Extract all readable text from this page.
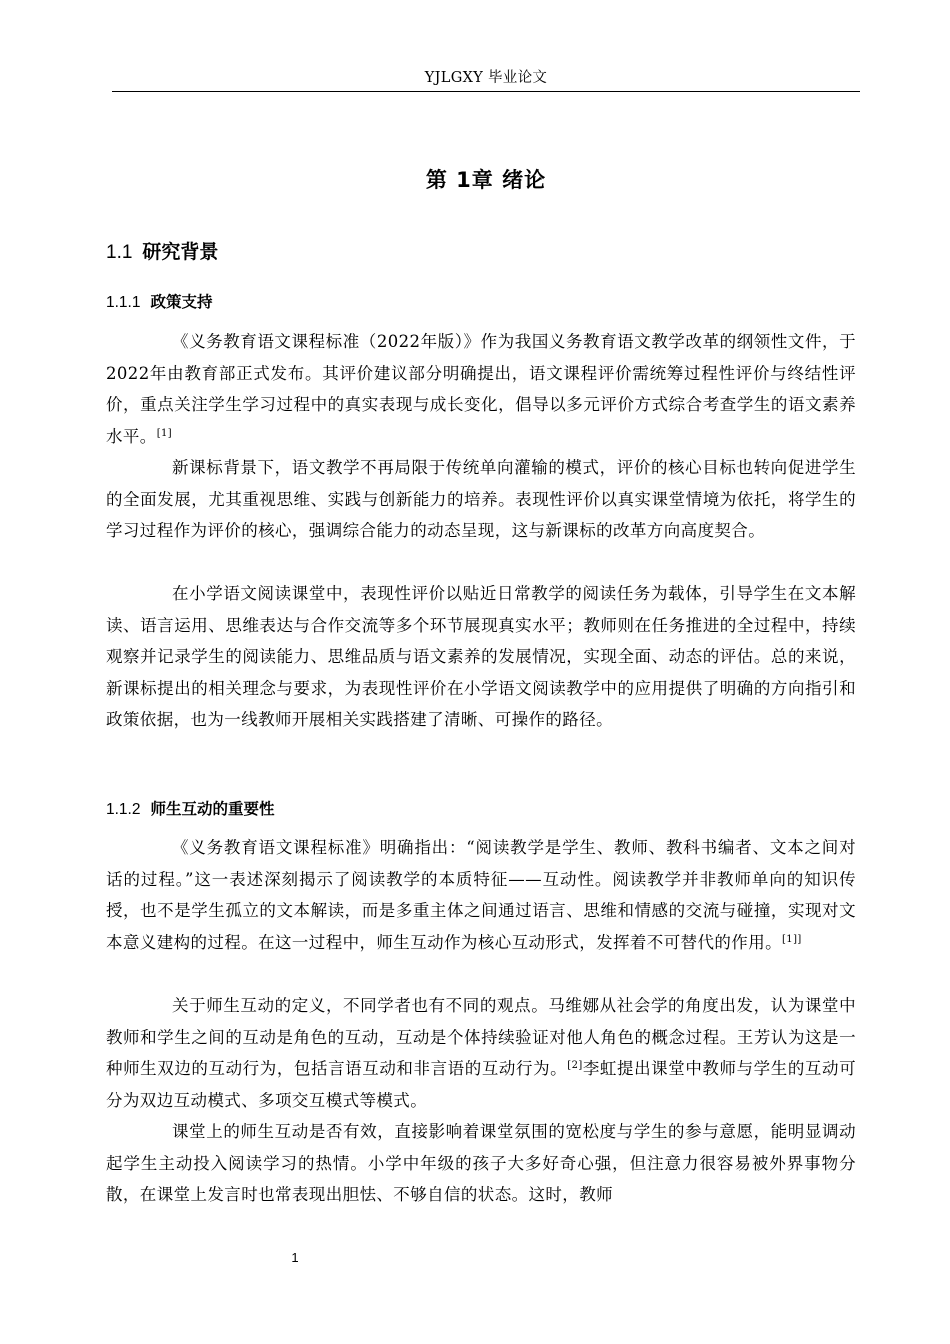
YJLGXY 毕业论文
第 1章 绪论
1.1 研究背景
1.1.1 政策支持
《义务教育语文课程标准（2022年版）》作为我国义务教育语文教学改革的纲领性文件，于2022年由教育部正式发布。其评价建议部分明确提出，语文课程评价需统筹过程性评价与终结性评价，重点关注学生学习过程中的真实表现与成长变化，倡导以多元评价方式综合考查学生的语文素养水平。[1]
新课标背景下，语文教学不再局限于传统单向灌输的模式，评价的核心目标也转向促进学生的全面发展，尤其重视思维、实践与创新能力的培养。表现性评价以真实课堂情境为依托，将学生的学习过程作为评价的核心，强调综合能力的动态呈现，这与新课标的改革方向高度契合。
在小学语文阅读课堂中，表现性评价以贴近日常教学的阅读任务为载体，引导学生在文本解读、语言运用、思维表达与合作交流等多个环节展现真实水平；教师则在任务推进的全过程中，持续观察并记录学生的阅读能力、思维品质与语文素养的发展情况，实现全面、动态的评估。总的来说，新课标提出的相关理念与要求，为表现性评价在小学语文阅读教学中的应用提供了明确的方向指引和政策依据，也为一线教师开展相关实践搭建了清晰、可操作的路径。
1.1.2 师生互动的重要性
《义务教育语文课程标准》明确指出：“阅读教学是学生、教师、教科书编者、文本之间对话的过程。”这一表述深刻揭示了阅读教学的本质特征——互动性。阅读教学并非教师单向的知识传授，也不是学生孤立的文本解读，而是多重主体之间通过语言、思维和情感的交流与碰撞，实现对文本意义建构的过程。在这一过程中，师生互动作为核心互动形式，发挥着不可替代的作用。[1]]
关于师生互动的定义，不同学者也有不同的观点。马维娜从社会学的角度出发，认为课堂中教师和学生之间的互动是角色的互动，互动是个体持续验证对他人角色的概念过程。王芳认为这是一种师生双边的互动行为，包括言语互动和非言语的互动行为。[2]李虹提出课堂中教师与学生的互动可分为双边互动模式、多项交互模式等模式。
课堂上的师生互动是否有效，直接影响着课堂氛围的宽松度与学生的参与意愿，能明显调动起学生主动投入阅读学习的热情。小学中年级的孩子大多好奇心强，但注意力很容易被外界事物分散，在课堂上发言时也常表现出胆怯、不够自信的状态。这时，教师
1
